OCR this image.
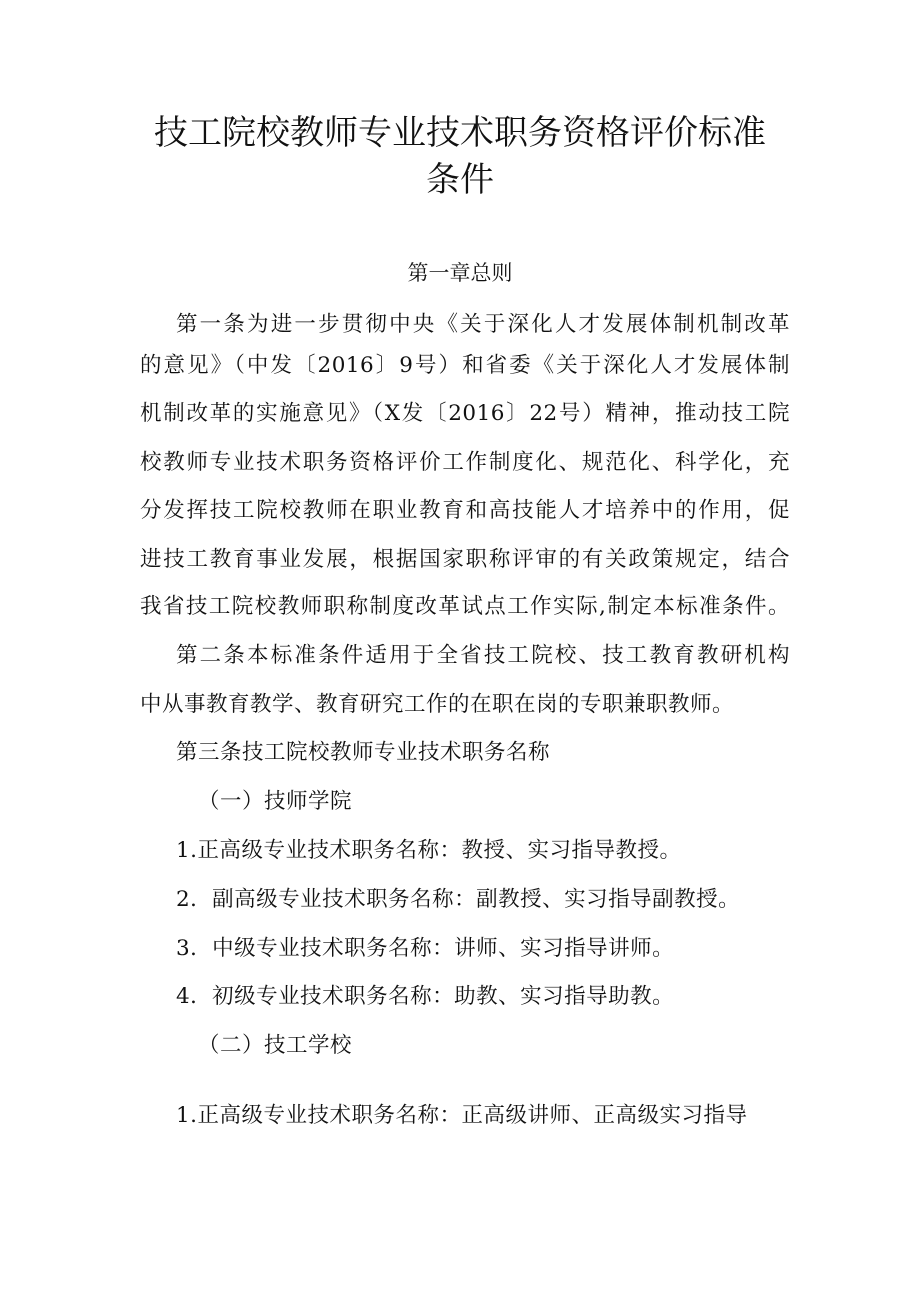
技工院校教师专业技术职务资格评价标准
条件
第一章总则
第一条为进一步贯彻中央《关于深化人才发展体制机制改革
的意见》（中发〔2016〕9号）和省委《关于深化人才发展体制
机制改革的实施意见》（X发〔2016〕22号）精神，推动技工院
校教师专业技术职务资格评价工作制度化、规范化、科学化，充
分发挥技工院校教师在职业教育和高技能人才培养中的作用，促
进技工教育事业发展，根据国家职称评审的有关政策规定，结合
我省技工院校教师职称制度改革试点工作实际,制定本标准条件。
第二条本标准条件适用于全省技工院校、技工教育教研机构
中从事教育教学、教育研究工作的在职在岗的专职兼职教师。
第三条技工院校教师专业技术职务名称
（一）技师学院
1.正高级专业技术职务名称：教授、实习指导教授。
2．副高级专业技术职务名称：副教授、实习指导副教授。
3．中级专业技术职务名称：讲师、实习指导讲师。
4．初级专业技术职务名称：助教、实习指导助教。
（二）技工学校
1.正高级专业技术职务名称：正高级讲师、正高级实习指导
